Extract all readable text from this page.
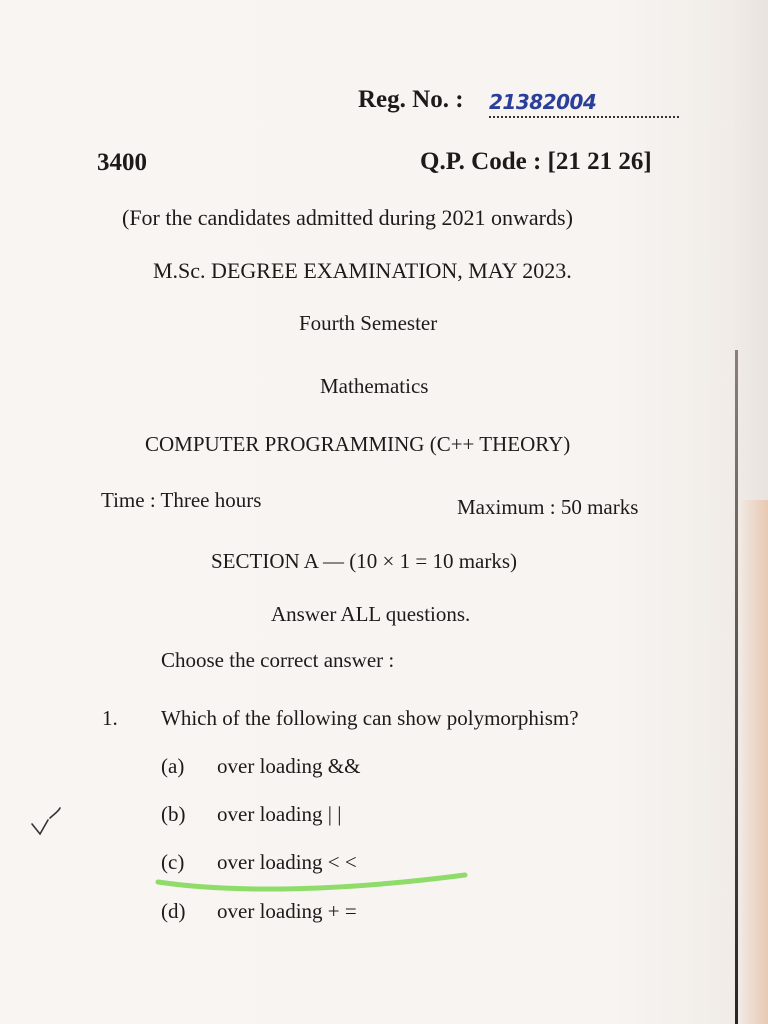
Reg. No. : 21382004
3400	Q.P. Code : [21 21 26]
(For the candidates admitted during 2021 onwards)
M.Sc. DEGREE EXAMINATION, MAY 2023.
Fourth Semester
Mathematics
COMPUTER PROGRAMMING (C++ THEORY)
Time : Three hours	Maximum : 50 marks
SECTION A — (10 × 1 = 10 marks)
Answer ALL questions.
Choose the correct answer :
1. Which of the following can show polymorphism?
(a) over loading &&
(b) over loading | |
(c) over loading < <
(d) over loading + =
